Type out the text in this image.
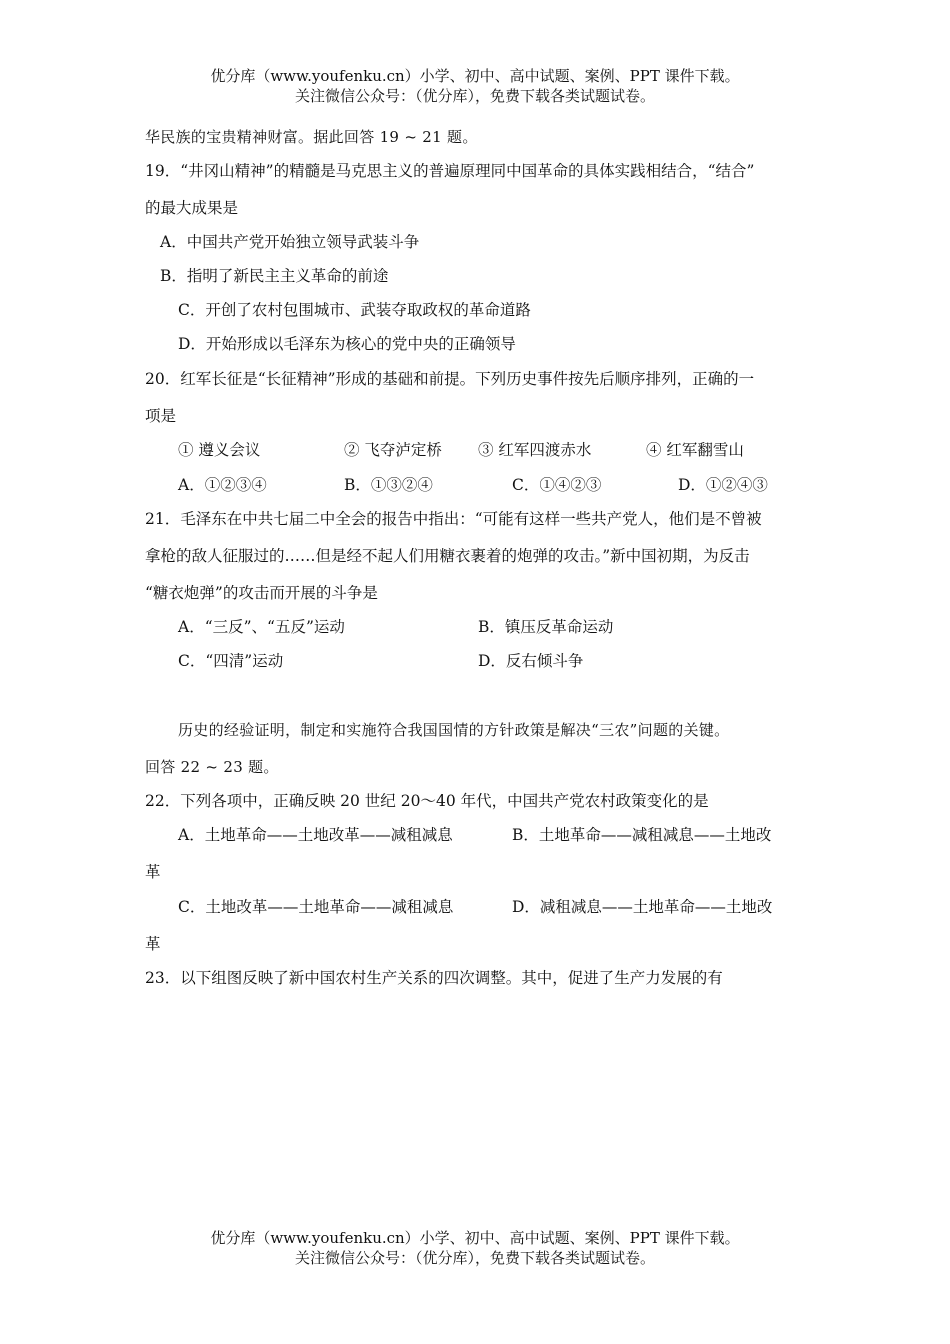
优分库（www.youfenku.cn）小学、初中、高中试题、案例、PPT 课件下载。
关注微信公众号：（优分库），免费下载各类试题试卷。
华民族的宝贵精神财富。据此回答 19 ~ 21 题。
19．“井冈山精神”的精髓是马克思主义的普遍原理同中国革命的具体实践相结合，“结合”
的最大成果是
A．中国共产党开始独立领导武装斗争
B．指明了新民主主义革命的前途
C．开创了农村包围城市、武装夺取政权的革命道路
D．开始形成以毛泽东为核心的党中央的正确领导
20．红军长征是“长征精神”形成的基础和前提。下列历史事件按先后顺序排列，正确的一
项是
① 遵义会议	② 飞夺泸定桥 ③ 红军四渡赤水	④ 红军翻雪山
A．①②③④	B．①③②④	C．①④②③	D．①②④③
21．毛泽东在中共七届二中全会的报告中指出：“可能有这样一些共产党人，他们是不曾被
拿枪的敌人征服过的……但是经不起人们用糖衣裹着的炮弹的攻击。”新中国初期，为反击
“糖衣炮弹”的攻击而开展的斗争是
A．“三反”、“五反”运动	B．镇压反革命运动
C．“四清”运动	D．反右倾斗争
历史的经验证明，制定和实施符合我国国情的方针政策是解决“三农”问题的关键。
回答 22 ~ 23 题。
22．下列各项中，正确反映 20 世纪 20～40 年代，中国共产党农村政策变化的是
A．土地革命——土地改革——减租减息	B．土地革命——减租减息——土地改
革
C．土地改革——土地革命——减租减息	D．减租减息——土地革命——土地改
革
23．以下组图反映了新中国农村生产关系的四次调整。其中，促进了生产力发展的有
优分库（www.youfenku.cn）小学、初中、高中试题、案例、PPT 课件下载。
关注微信公众号：（优分库），免费下载各类试题试卷。
